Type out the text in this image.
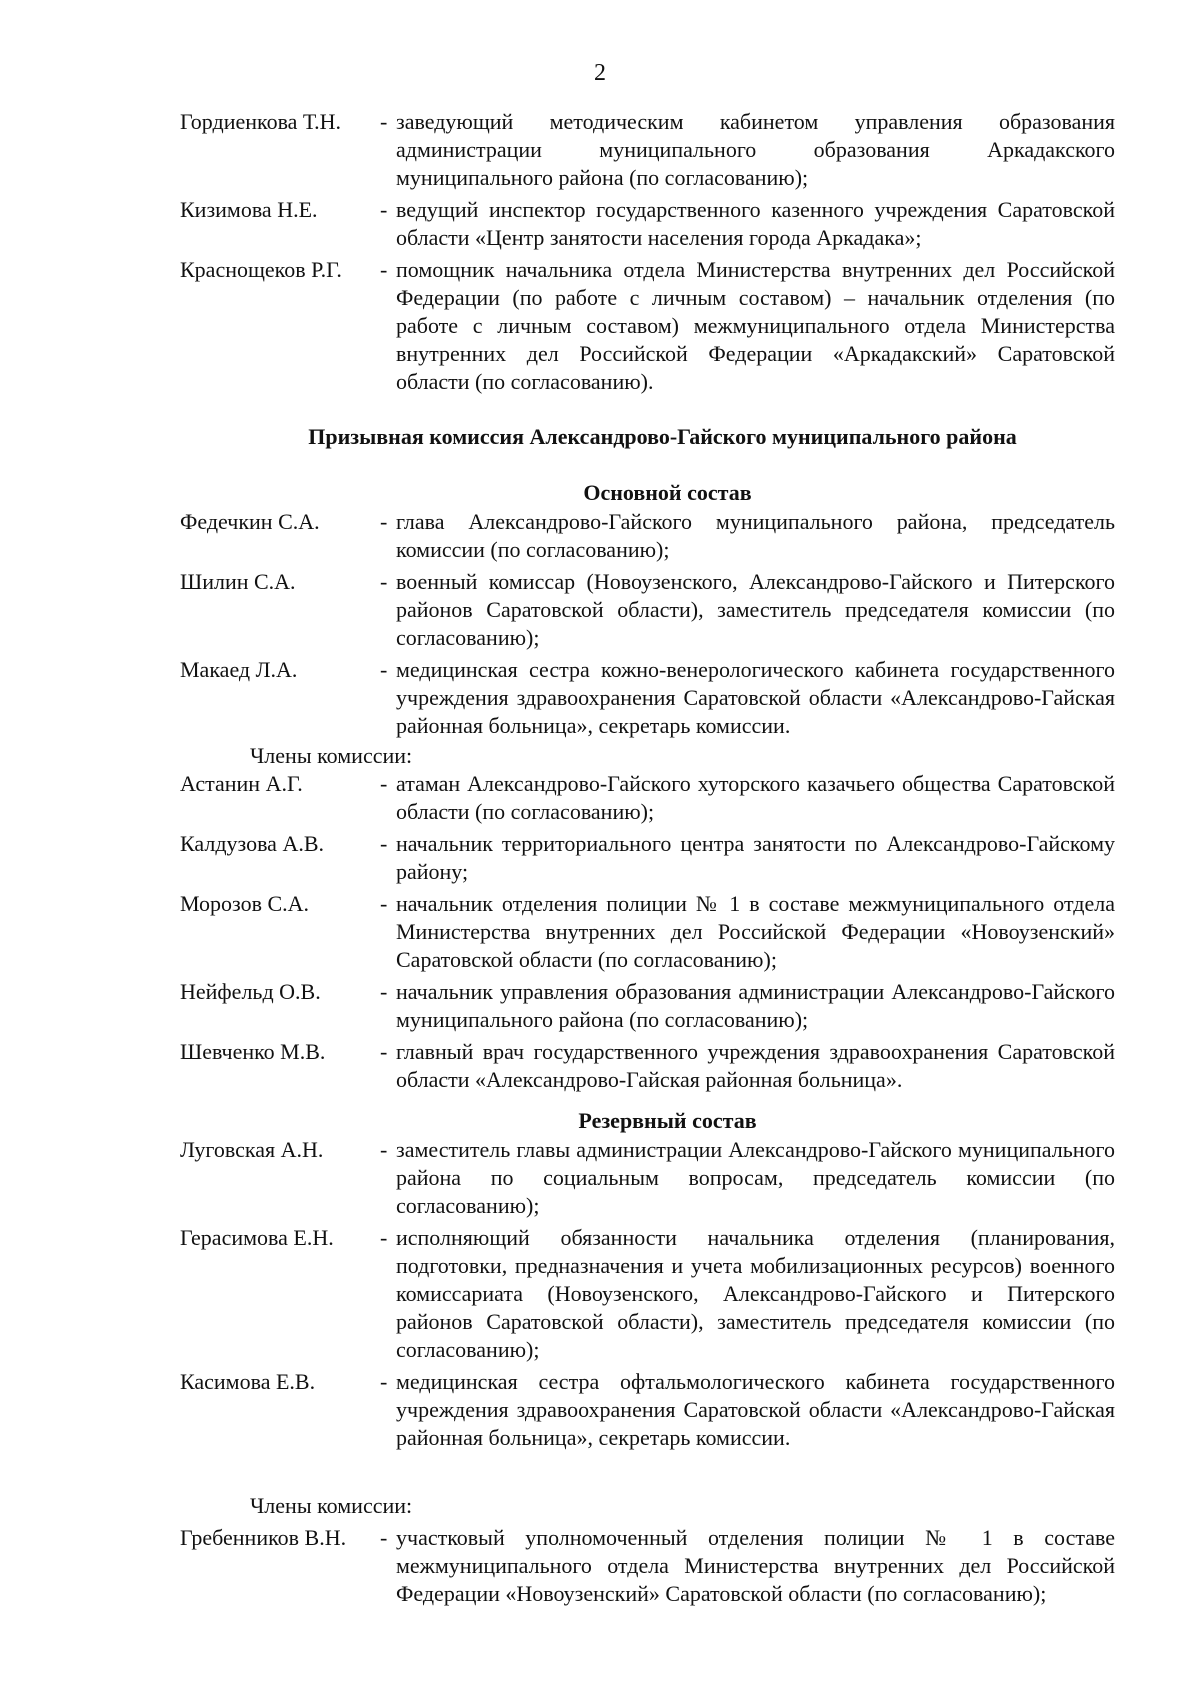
2
Гордиенкова Т.Н.	- заведующий методическим кабинетом управления образования администрации муниципального образования Аркадакского муниципального района (по согласованию);
Кизимова Н.Е.	- ведущий инспектор государственного казенного учреждения Саратовской области «Центр занятости населения города Аркадака»;
Краснощеков Р.Г.	- помощник начальника отдела Министерства внутренних дел Российской Федерации (по работе с личным составом) – начальник отделения (по работе с личным составом) межмуниципального отдела Министерства внутренних дел Российской Федерации «Аркадакский» Саратовской области (по согласованию).
Призывная комиссия Александрово-Гайского муниципального района
Основной состав
Федечкин С.А.	- глава Александрово-Гайского муниципального района, председатель комиссии (по согласованию);
Шилин С.А.	- военный комиссар (Новоузенского, Александрово-Гайского и Питерского районов Саратовской области), заместитель председателя комиссии (по согласованию);
Макаед Л.А.	- медицинская сестра кожно-венерологического кабинета государственного учреждения здравоохранения Саратовской области «Александрово-Гайская районная больница», секретарь комиссии.
Члены комиссии:
Астанин А.Г.	- атаман Александрово-Гайского хуторского казачьего общества Саратовской области (по согласованию);
Калдузова А.В.	- начальник территориального центра занятости по Александрово-Гайскому району;
Морозов С.А.	- начальник отделения полиции № 1 в составе межмуниципального отдела Министерства внутренних дел Российской Федерации «Новоузенский» Саратовской области (по согласованию);
Нейфельд О.В.	- начальник управления образования администрации Александрово-Гайского муниципального района (по согласованию);
Шевченко М.В.	- главный врач государственного учреждения здравоохранения Саратовской области «Александрово-Гайская районная больница».
Резервный состав
Луговская А.Н.	- заместитель главы администрации Александрово-Гайского муниципального района по социальным вопросам, председатель комиссии (по согласованию);
Герасимова Е.Н.	- исполняющий обязанности начальника отделения (планирования, подготовки, предназначения и учета мобилизационных ресурсов) военного комиссариата (Новоузенского, Александрово-Гайского и Питерского районов Саратовской области), заместитель председателя комиссии (по согласованию);
Касимова Е.В.	- медицинская сестра офтальмологического кабинета государственного учреждения здравоохранения Саратовской области «Александрово-Гайская районная больница», секретарь комиссии.
Члены комиссии:
Гребенников В.Н.	- участковый уполномоченный отделения полиции № 1 в составе межмуниципального отдела Министерства внутренних дел Российской Федерации «Новоузенский» Саратовской области (по согласованию);
